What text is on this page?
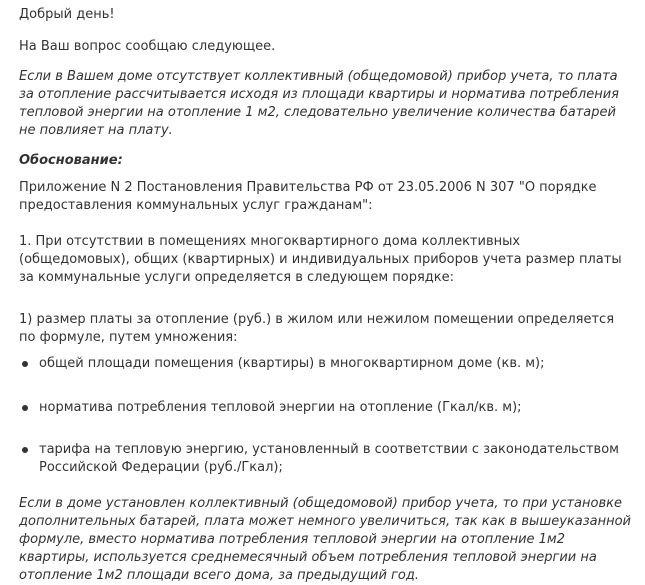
Добрый день!

На Ваш вопрос сообщаю следующее.

Если в Вашем доме отсутствует коллективный (общедомовой) прибор учета, то плата за отопление рассчитывается исходя из площади квартиры и норматива потребления тепловой энергии на отопление 1 м2, следовательно увеличение количества батарей не повлияет на плату.

Обоснование:

Приложение N 2 Постановления Правительства РФ от 23.05.2006 N 307 "О порядке предоставления коммунальных услуг гражданам":

1. При отсутствии в помещениях многоквартирного дома коллективных (общедомовых), общих (квартирных) и индивидуальных приборов учета размер платы за коммунальные услуги определяется в следующем порядке:

1) размер платы за отопление (руб.) в жилом или нежилом помещении определяется по формуле, путем умножения:

общей площади помещения (квартиры) в многоквартирном доме (кв. м);
норматива потребления тепловой энергии на отопление (Гкал/кв. м);
тарифа на тепловую энергию, установленный в соответствии с законодательством Российской Федерации (руб./Гкал);

Если в доме установлен коллективный (общедомовой) прибор учета, то при установке дополнительных батарей, плата может немного увеличиться, так как в вышеуказанной формуле, вместо норматива потребления тепловой энергии на отопление 1м2 квартиры, используется среднемесячный объем потребления тепловой энергии на отопление 1м2 площади всего дома, за предыдущий год.
